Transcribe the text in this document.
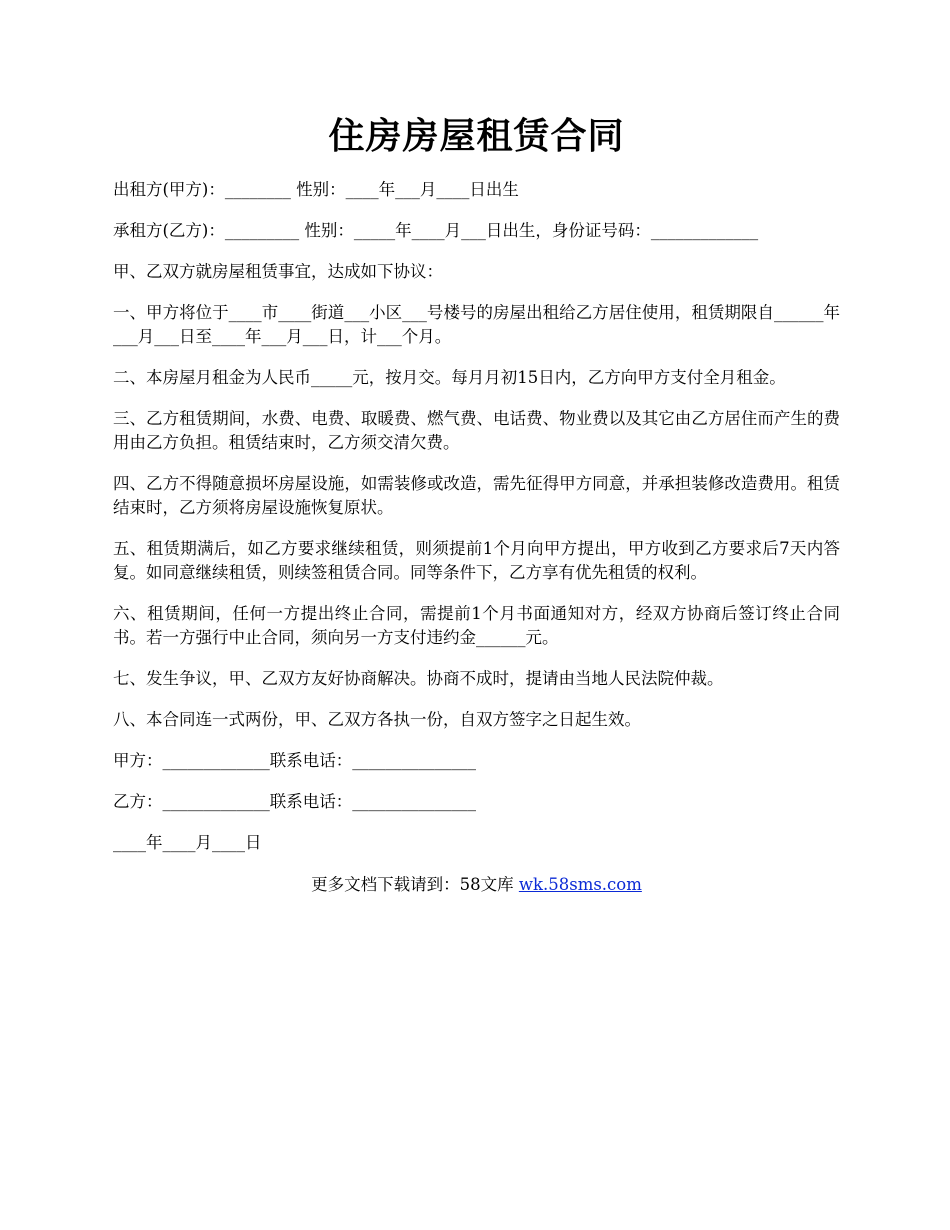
住房房屋租赁合同

出租方(甲方)：________ 性别：____年___月____日出生

承租方(乙方)：_________ 性别：_____年____月___日出生，身份证号码：_____________

甲、乙双方就房屋租赁事宜，达成如下协议：

一、甲方将位于____市____街道___小区___号楼号的房屋出租给乙方居住使用，租赁期限自______年___月___日至____年___月___日，计___个月。

二、本房屋月租金为人民币_____元，按月交。每月月初15日内，乙方向甲方支付全月租金。

三、乙方租赁期间，水费、电费、取暖费、燃气费、电话费、物业费以及其它由乙方居住而产生的费用由乙方负担。租赁结束时，乙方须交清欠费。

四、乙方不得随意损坏房屋设施，如需装修或改造，需先征得甲方同意，并承担装修改造费用。租赁结束时，乙方须将房屋设施恢复原状。

五、租赁期满后，如乙方要求继续租赁，则须提前1个月向甲方提出，甲方收到乙方要求后7天内答复。如同意继续租赁，则续签租赁合同。同等条件下，乙方享有优先租赁的权利。

六、租赁期间，任何一方提出终止合同，需提前1个月书面通知对方，经双方协商后签订终止合同书。若一方强行中止合同，须向另一方支付违约金______元。

七、发生争议，甲、乙双方友好协商解决。协商不成时，提请由当地人民法院仲裁。

八、本合同连一式两份，甲、乙双方各执一份，自双方签字之日起生效。

甲方：_____________联系电话：_______________

乙方：_____________联系电话：_______________

____年____月____日

更多文档下载请到：58文库 wk.58sms.com
